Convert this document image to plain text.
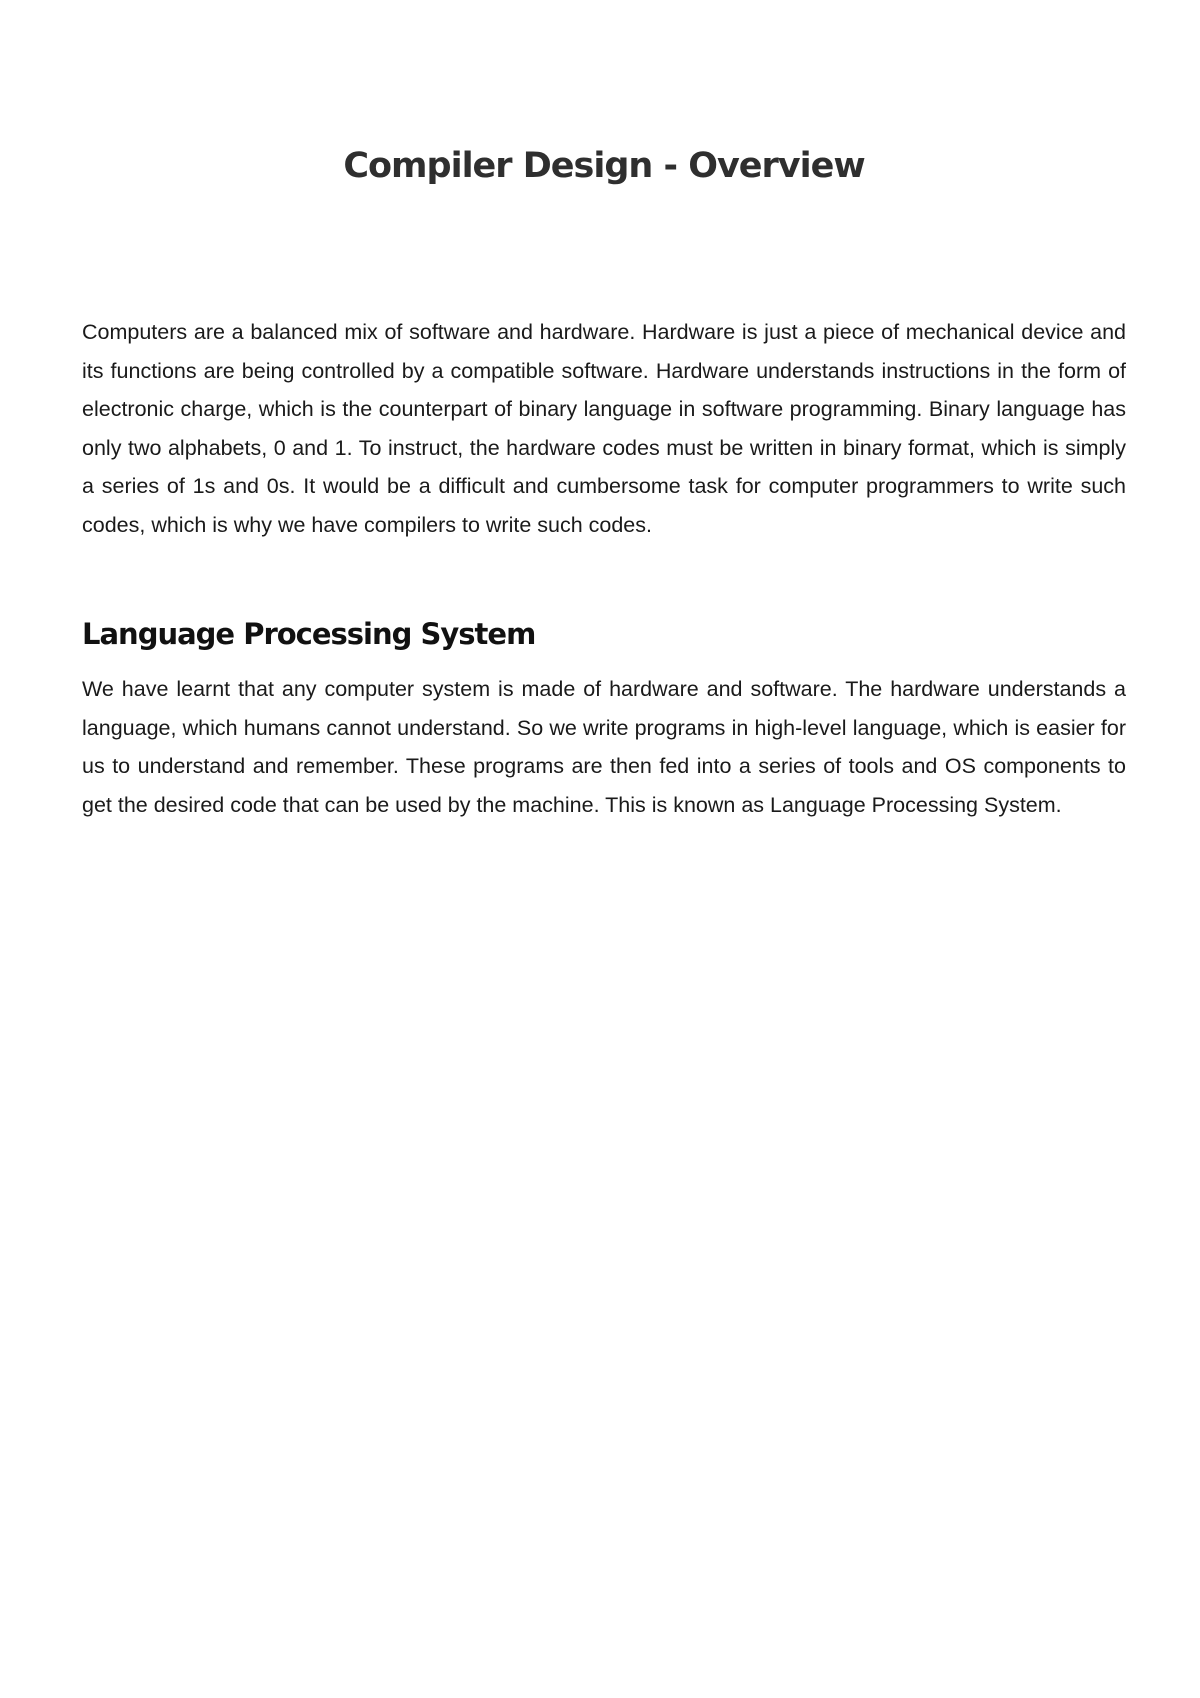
Compiler Design - Overview

Computers are a balanced mix of software and hardware. Hardware is just a piece of mechanical device and its functions are being controlled by a compatible software. Hardware understands instructions in the form of electronic charge, which is the counterpart of binary language in software programming. Binary language has only two alphabets, 0 and 1. To instruct, the hardware codes must be written in binary format, which is simply a series of 1s and 0s. It would be a difficult and cumbersome task for computer programmers to write such codes, which is why we have compilers to write such codes.

Language Processing System

We have learnt that any computer system is made of hardware and software. The hardware understands a language, which humans cannot understand. So we write programs in high-level language, which is easier for us to understand and remember. These programs are then fed into a series of tools and OS components to get the desired code that can be used by the machine. This is known as Language Processing System.
